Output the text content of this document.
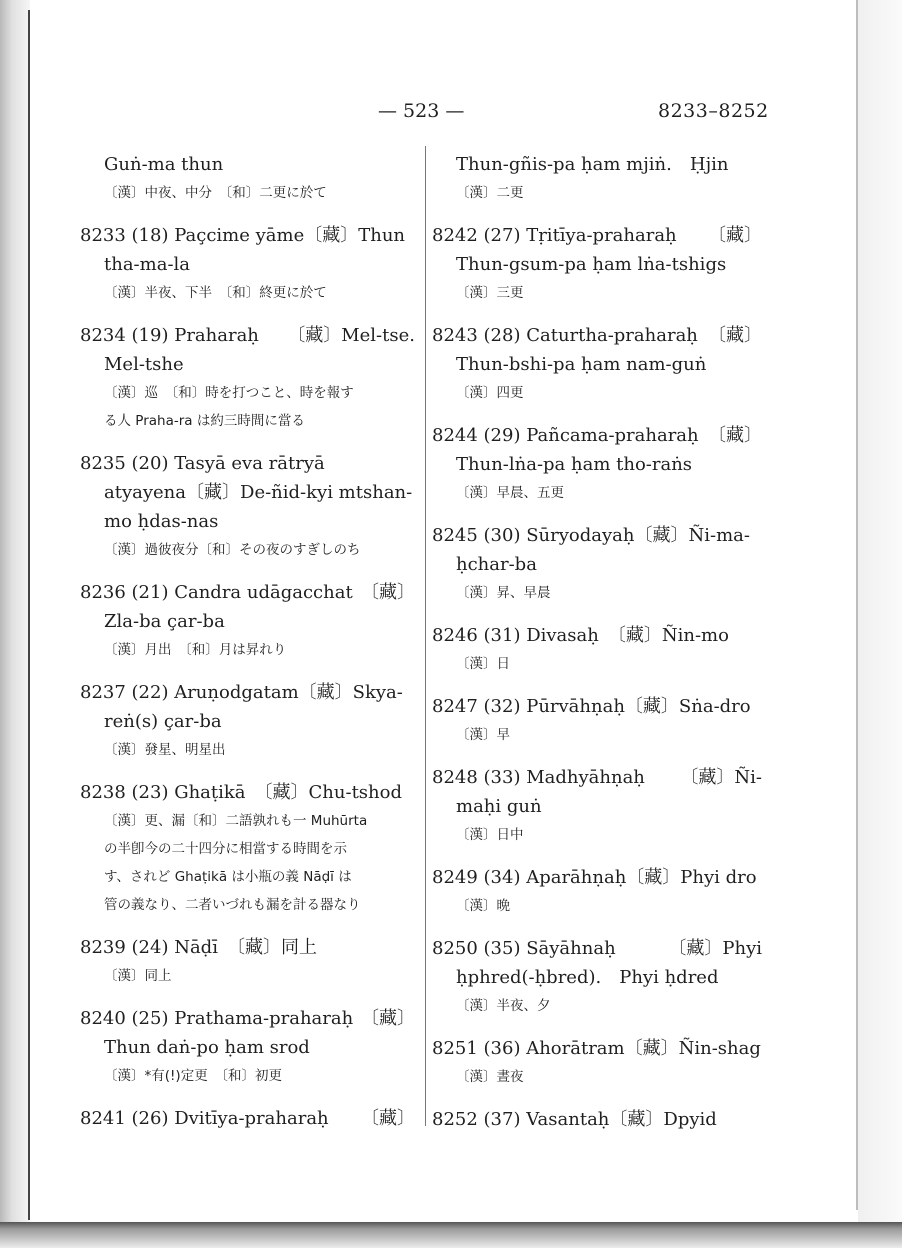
— 523 —	8233–8252
Guṅ-ma thun
〔漢〕中夜、中分　〔和〕二更に於て
8233 (18) Paçcime yāme〔藏〕Thun
tha-ma-la
〔漢〕半夜、下半　〔和〕終更に於て
8234 (19) Praharaḥ 〔藏〕Mel-tse.
Mel-tshe
〔漢〕巡　〔和〕時を打つこと、時を報す
る人 Praha-ra は約三時間に當る
8235 (20) Tasyā eva rātryā
atyayena〔藏〕De-ñid-kyi mtshan-
mo ḥdas-nas
〔漢〕過彼夜分〔和〕その夜のすぎしのち
8236 (21) Candra udāgacchat 〔藏〕
Zla-ba çar-ba
〔漢〕月出　〔和〕月は昇れり
8237 (22) Aruṇodgatam〔藏〕Skya-
reṅ(s) çar-ba
〔漢〕發星、明星出
8238 (23) Ghaṭikā　〔藏〕Chu-tshod
〔漢〕更、漏〔和〕二語孰れも一 Muhūrta
の半卽今の二十四分に相當する時間を示
す、されど Ghaṭikā は小瓶の義 Nāḍī は
管の義なり、二者いづれも漏を計る器なり
8239 (24) Nāḍī　〔藏〕同上
〔漢〕同上
8240 (25) Prathama-praharaḥ 〔藏〕
Thun daṅ-po ḥam srod
〔漢〕*有(!)定更　〔和〕初更
8241 (26) Dvitīya-praharaḥ 〔藏〕
Thun-gñis-pa ḥam mjiṅ.　Ḥjin
〔漢〕二更
8242 (27) Tṛitīya-praharaḥ 〔藏〕
Thun-gsum-pa ḥam lṅa-tshigs
〔漢〕三更
8243 (28) Caturtha-praharaḥ 〔藏〕
Thun-bshi-pa ḥam nam-guṅ
〔漢〕四更
8244 (29) Pañcama-praharaḥ 〔藏〕
Thun-lṅa-pa ḥam tho-raṅs
〔漢〕早晨、五更
8245 (30) Sūryodayaḥ〔藏〕Ñi-ma-
ḥchar-ba
〔漢〕昇、早晨
8246 (31) Divasaḥ　〔藏〕Ñin-mo
〔漢〕日
8247 (32) Pūrvāhṇaḥ〔藏〕Sṅa-dro
〔漢〕早
8248 (33) Madhyāhṇaḥ 〔藏〕Ñi-
maḥi guṅ
〔漢〕日中
8249 (34) Aparāhṇaḥ〔藏〕Phyi dro
〔漢〕晩
8250 (35) Sāyāhnaḥ	〔藏〕Phyi
ḥphred(-ḥbred).　Phyi ḥdred
〔漢〕半夜、夕
8251 (36) Ahorātram〔藏〕Ñin-shag
〔漢〕晝夜
8252 (37) Vasantaḥ〔藏〕Dpyid
